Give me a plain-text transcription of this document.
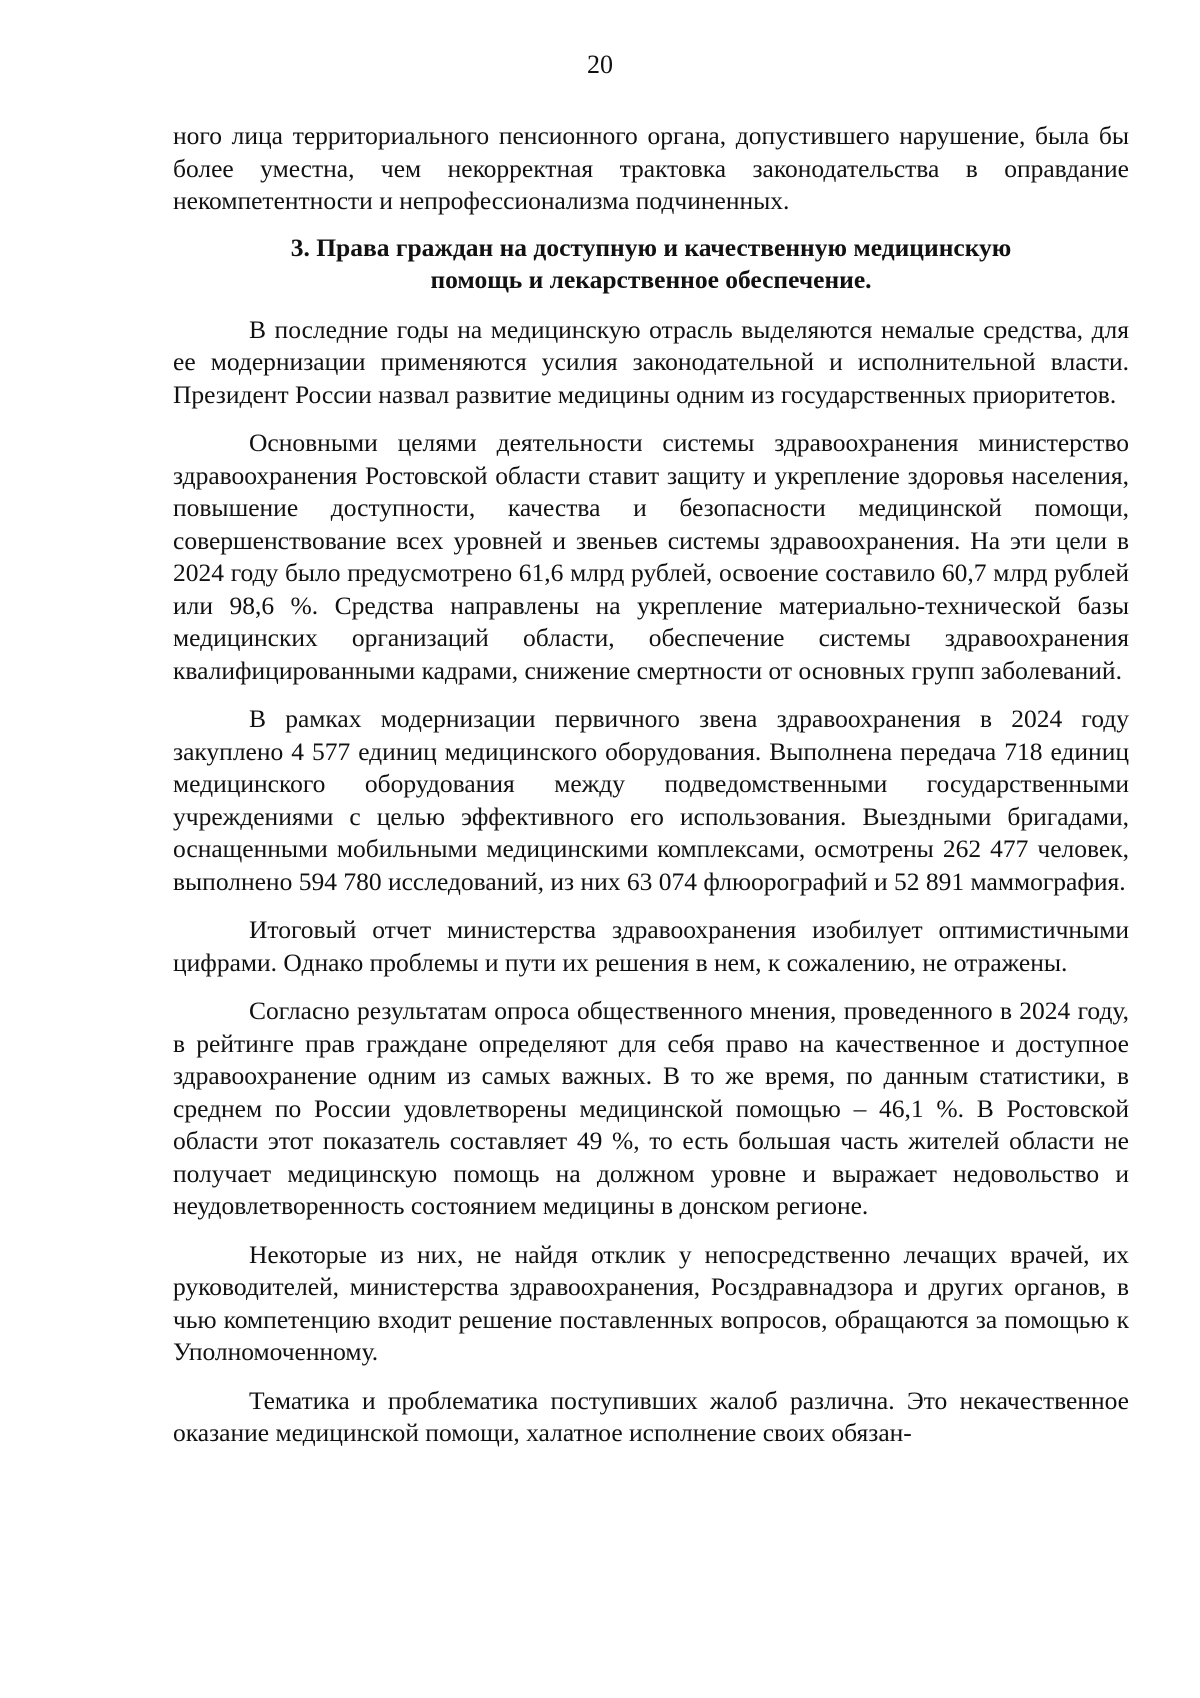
20

ного лица территориального пенсионного органа, допустившего нарушение, была бы более уместна, чем некорректная трактовка законодательства в оправдание некомпетентности и непрофессионализма подчиненных.

3. Права граждан на доступную и качественную медицинскую
помощь и лекарственное обеспечение.

В последние годы на медицинскую отрасль выделяются немалые средства, для ее модернизации применяются усилия законодательной и исполнительной власти. Президент России назвал развитие медицины одним из государственных приоритетов.

Основными целями деятельности системы здравоохранения министерство здравоохранения Ростовской области ставит защиту и укрепление здоровья населения, повышение доступности, качества и безопасности медицинской помощи, совершенствование всех уровней и звеньев системы здравоохранения. На эти цели в 2024 году было предусмотрено 61,6 млрд рублей, освоение составило 60,7 млрд рублей или 98,6 %. Средства направлены на укрепление материально-технической базы медицинских организаций области, обеспечение системы здравоохранения квалифицированными кадрами, снижение смертности от основных групп заболеваний.

В рамках модернизации первичного звена здравоохранения в 2024 году закуплено 4 577 единиц медицинского оборудования. Выполнена передача 718 единиц медицинского оборудования между подведомственными государственными учреждениями с целью эффективного его использования. Выездными бригадами, оснащенными мобильными медицинскими комплексами, осмотрены 262 477 человек, выполнено 594 780 исследований, из них 63 074 флюорографий и 52 891 маммография.

Итоговый отчет министерства здравоохранения изобилует оптимистичными цифрами. Однако проблемы и пути их решения в нем, к сожалению, не отражены.

Согласно результатам опроса общественного мнения, проведенного в 2024 году, в рейтинге прав граждане определяют для себя право на качественное и доступное здравоохранение одним из самых важных. В то же время, по данным статистики, в среднем по России удовлетворены медицинской помощью – 46,1 %. В Ростовской области этот показатель составляет 49 %, то есть большая часть жителей области не получает медицинскую помощь на должном уровне и выражает недовольство и неудовлетворенность состоянием медицины в донском регионе.

Некоторые из них, не найдя отклик у непосредственно лечащих врачей, их руководителей, министерства здравоохранения, Росздравнадзора и других органов, в чью компетенцию входит решение поставленных вопросов, обращаются за помощью к Уполномоченному.

Тематика и проблематика поступивших жалоб различна. Это некачественное оказание медицинской помощи, халатное исполнение своих обязан-
